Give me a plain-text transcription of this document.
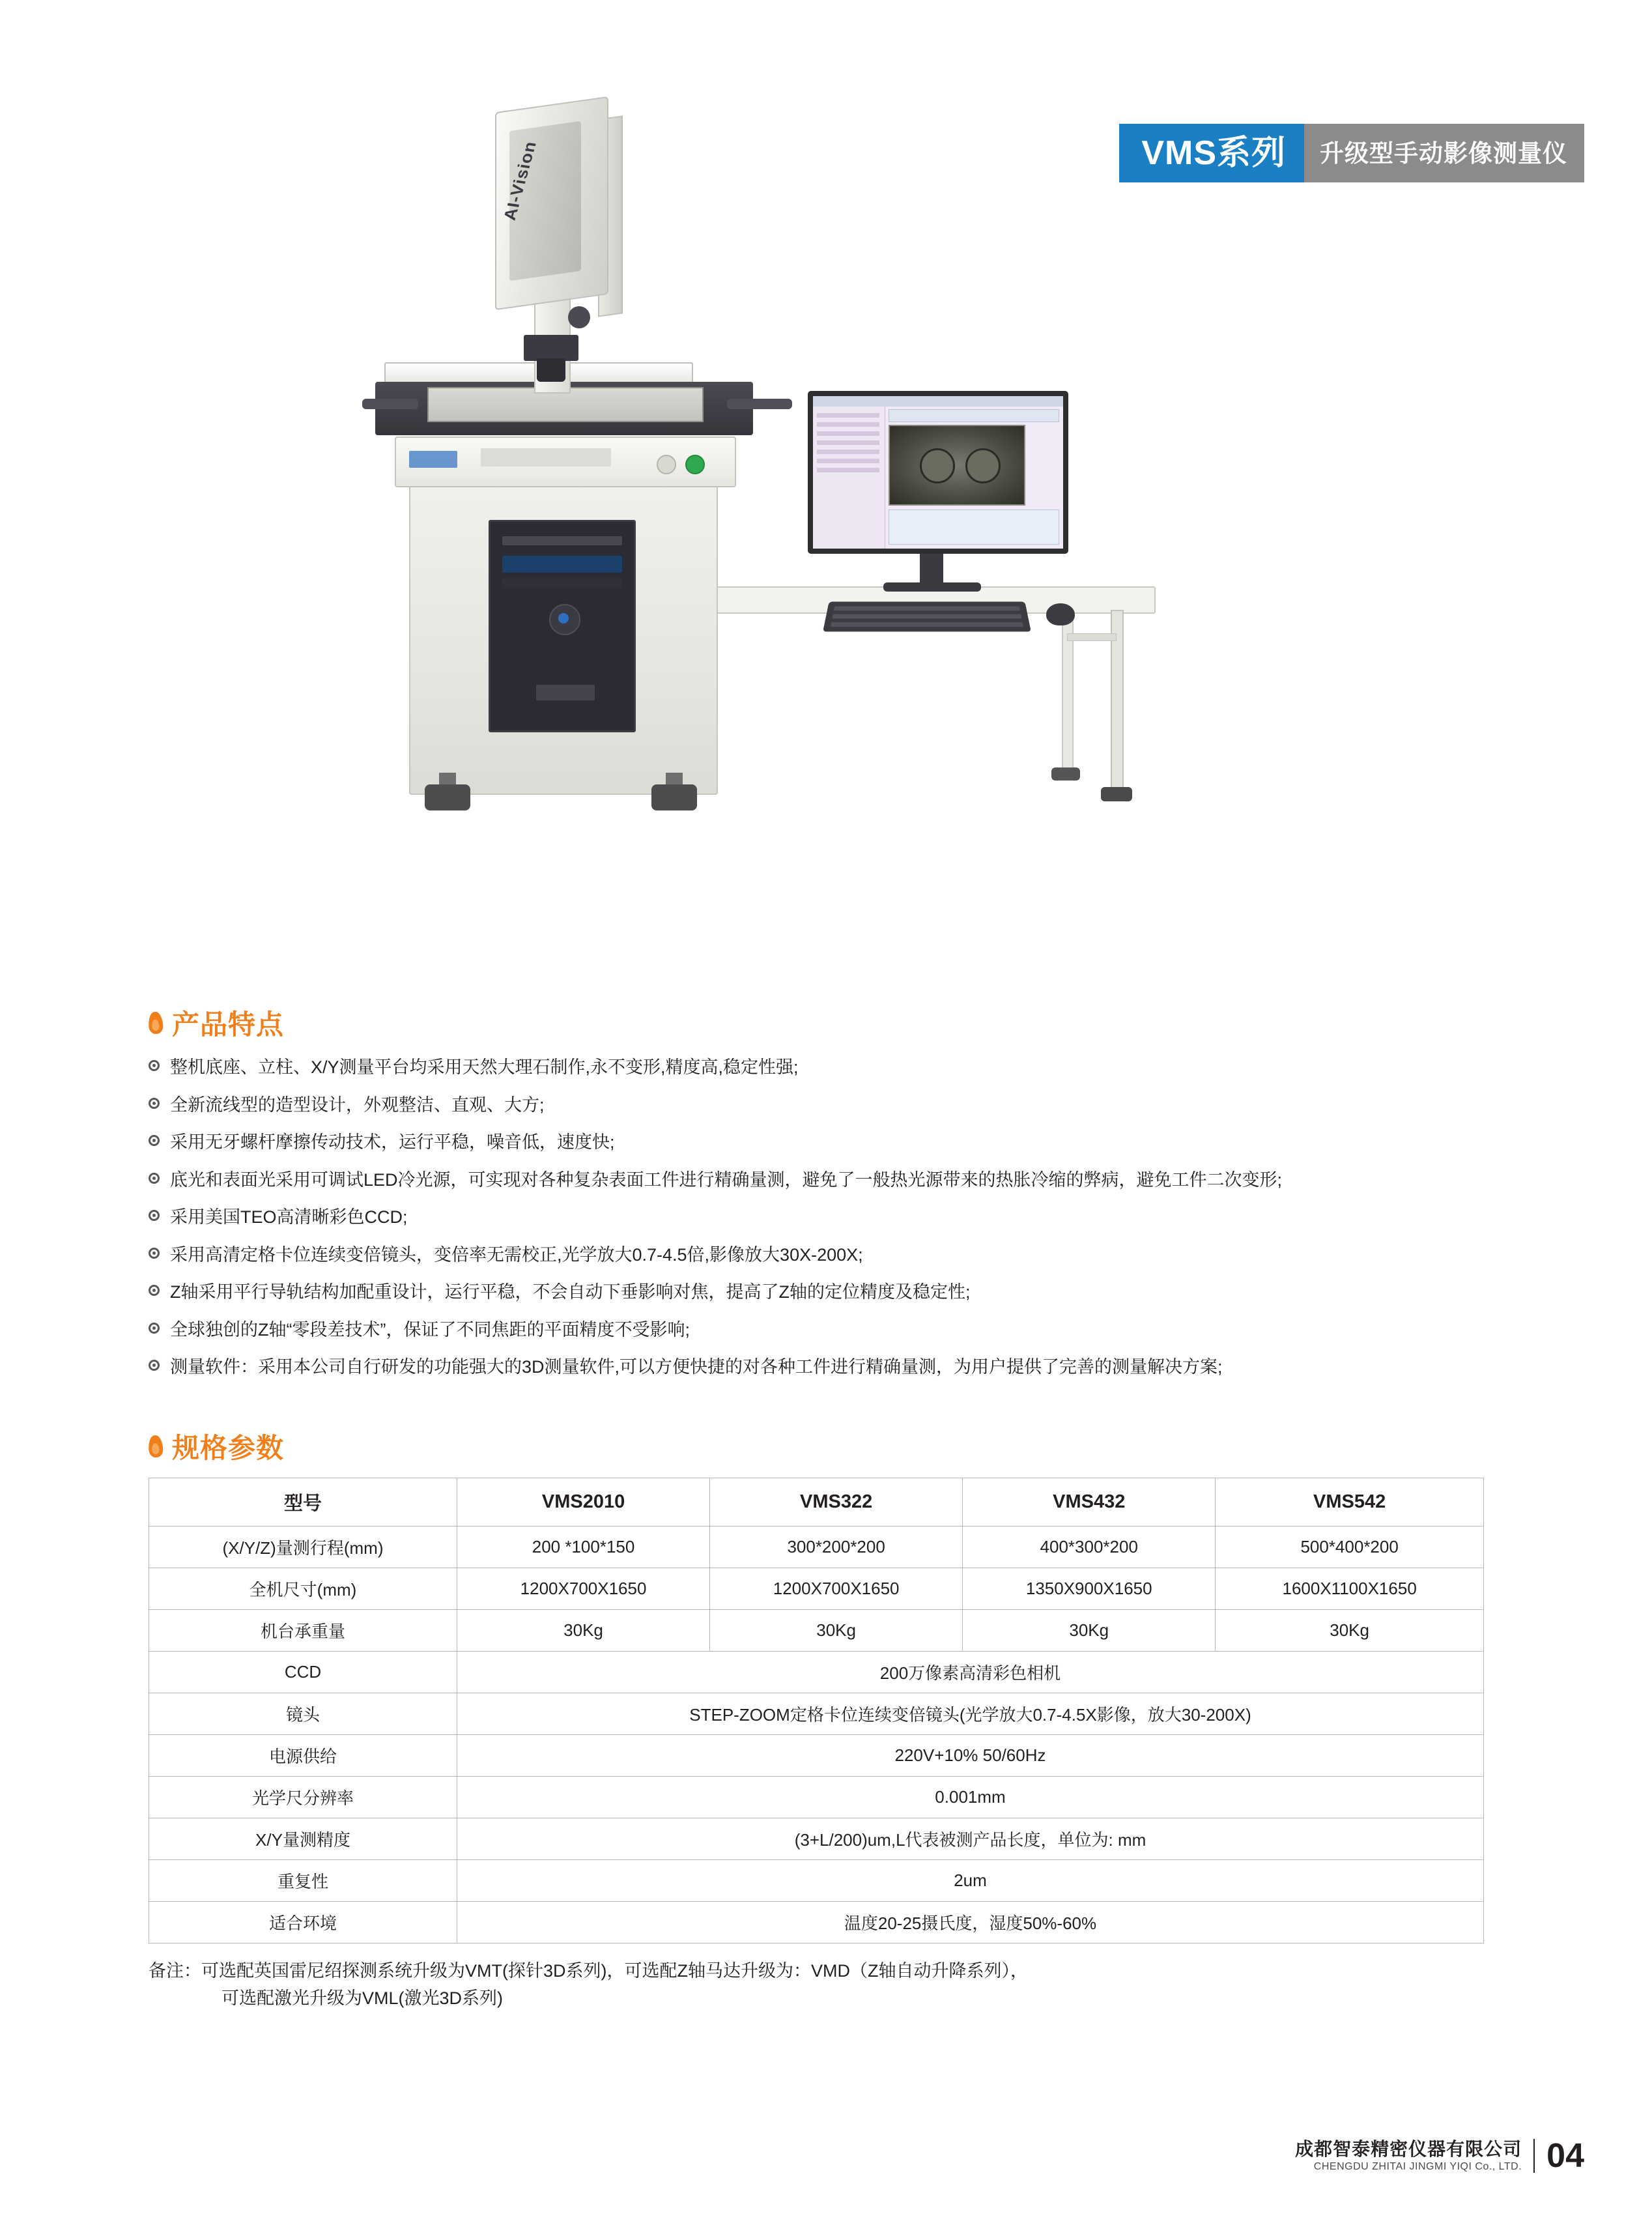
VMS系列	升级型手动影像测量仪
AI-Vision
产品特点
整机底座、立柱、X/Y测量平台均采用天然大理石制作,永不变形,精度高,稳定性强;
全新流线型的造型设计，外观整洁、直观、大方;
采用无牙螺杆摩擦传动技术，运行平稳，噪音低，速度快;
底光和表面光采用可调试LED冷光源，可实现对各种复杂表面工件进行精确量测，避免了一般热光源带来的热胀冷缩的弊病，避免工件二次变形;
采用美国TEO高清晰彩色CCD;
采用高清定格卡位连续变倍镜头，变倍率无需校正,光学放大0.7-4.5倍,影像放大30X-200X;
Z轴采用平行导轨结构加配重设计，运行平稳，不会自动下垂影响对焦，提高了Z轴的定位精度及稳定性;
全球独创的Z轴“零段差技术”，保证了不同焦距的平面精度不受影响;
测量软件：采用本公司自行研发的功能强大的3D测量软件,可以方便快捷的对各种工件进行精确量测，为用户提供了完善的测量解决方案;
规格参数
型号	VMS2010	VMS322	VMS432	VMS542
(X/Y/Z)量测行程(mm)	200 *100*150	300*200*200	400*300*200	500*400*200
全机尺寸(mm)	1200X700X1650	1200X700X1650	1350X900X1650	1600X1100X1650
机台承重量	30Kg	30Kg	30Kg	30Kg
CCD	200万像素高清彩色相机			
镜头	STEP-ZOOM定格卡位连续变倍镜头(光学放大0.7-4.5X影像，放大30-200X)			
电源供给	220V+10% 50/60Hz			
光学尺分辨率	0.001mm			
X/Y量测精度	(3+L/200)um,L代表被测产品长度，单位为: mm			
重复性	2um			
适合环境	温度20-25摄氏度，湿度50%-60%			
备注：可选配英国雷尼绍探测系统升级为VMT(探针3D系列)，可选配Z轴马达升级为：VMD（Z轴自动升降系列），
可选配激光升级为VML(激光3D系列)
成都智泰精密仪器有限公司
CHENGDU ZHITAI JINGMI YIQI Co., LTD. 04
